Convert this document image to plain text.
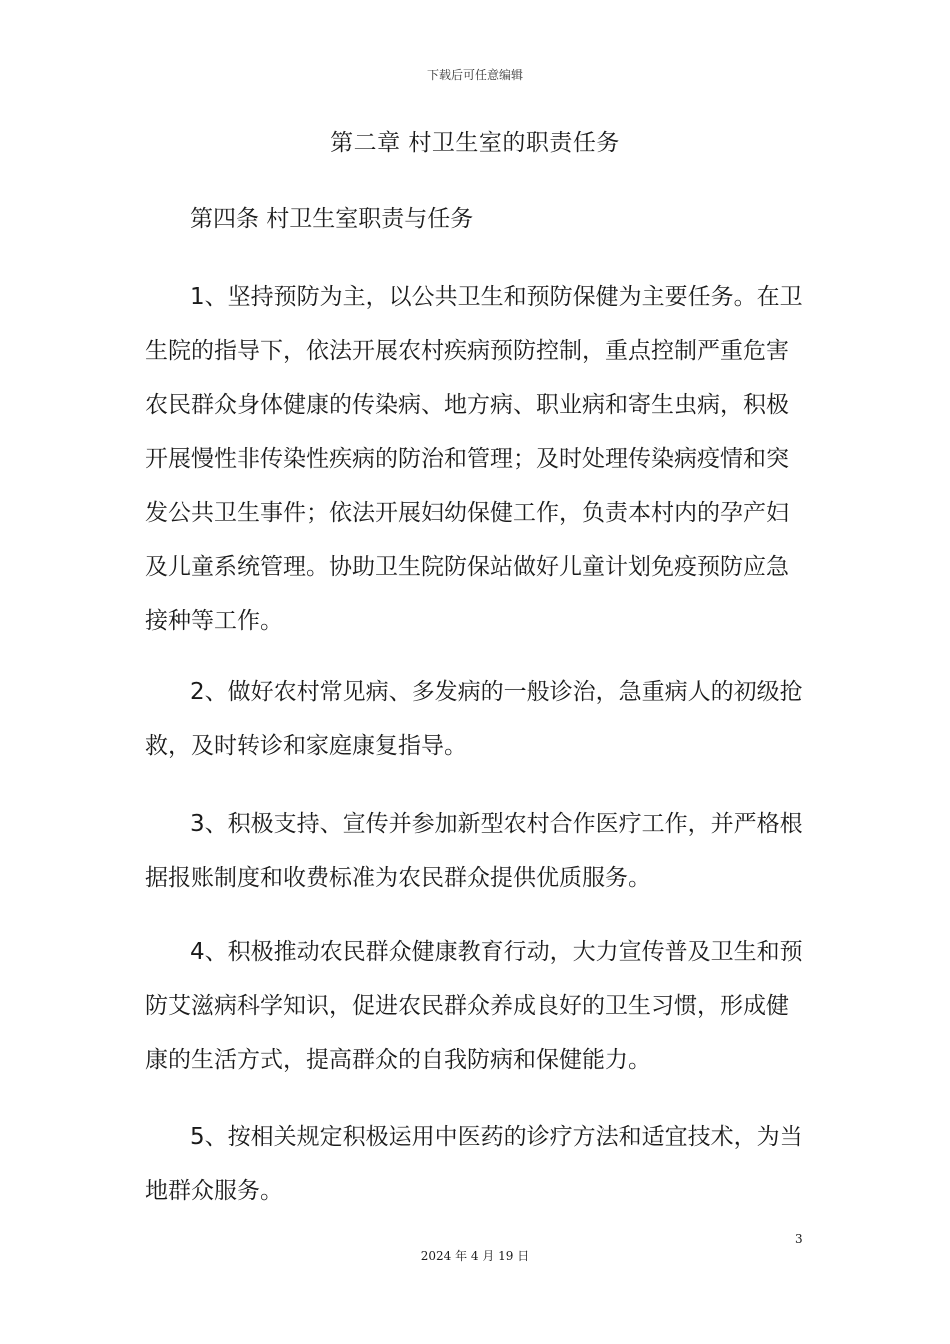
下载后可任意编辑
第二章 村卫生室的职责任务
第四条 村卫生室职责与任务

1、坚持预防为主，以公共卫生和预防保健为主要任务。在卫生院的指导下，依法开展农村疾病预防控制，重点控制严重危害农民群众身体健康的传染病、地方病、职业病和寄生虫病，积极开展慢性非传染性疾病的防治和管理；及时处理传染病疫情和突发公共卫生事件；依法开展妇幼保健工作，负责本村内的孕产妇及儿童系统管理。协助卫生院防保站做好儿童计划免疫预防应急接种等工作。

2、做好农村常见病、多发病的一般诊治，急重病人的初级抢救，及时转诊和家庭康复指导。

3、积极支持、宣传并参加新型农村合作医疗工作，并严格根据报账制度和收费标准为农民群众提供优质服务。

4、积极推动农民群众健康教育行动，大力宣传普及卫生和预防艾滋病科学知识，促进农民群众养成良好的卫生习惯，形成健康的生活方式，提高群众的自我防病和保健能力。

5、按相关规定积极运用中医药的诊疗方法和适宜技术，为当地群众服务。

3
2024 年 4 月 19 日
